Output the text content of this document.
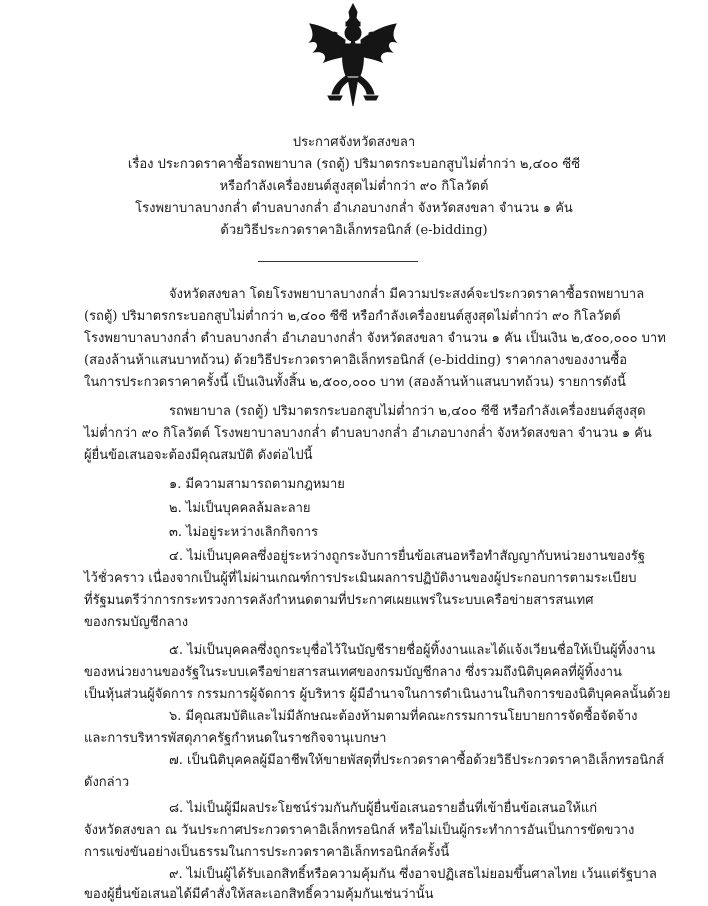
ประกาศจังหวัดสงขลา
เรื่อง ประกวดราคาซื้อรถพยาบาล (รถตู้) ปริมาตรกระบอกสูบไม่ต่ำกว่า ๒,๔๐๐ ซีซี
หรือกำลังเครื่องยนต์สูงสุดไม่ต่ำกว่า ๙๐ กิโลวัตต์
โรงพยาบาลบางกล่ำ ตำบลบางกล่ำ อำเภอบางกล่ำ จังหวัดสงขลา จำนวน ๑ คัน
ด้วยวิธีประกวดราคาอิเล็กทรอนิกส์ (e-bidding)
จังหวัดสงขลา โดยโรงพยาบาลบางกล่ำ มีความประสงค์จะประกวดราคาซื้อรถพยาบาล
(รถตู้) ปริมาตรกระบอกสูบไม่ต่ำกว่า ๒,๔๐๐ ซีซี หรือกำลังเครื่องยนต์สูงสุดไม่ต่ำกว่า ๙๐ กิโลวัตต์
โรงพยาบาลบางกล่ำ ตำบลบางกล่ำ อำเภอบางกล่ำ จังหวัดสงขลา จำนวน ๑ คัน เป็นเงิน ๒,๕๐๐,๐๐๐ บาท
(สองล้านห้าแสนบาทถ้วน) ด้วยวิธีประกวดราคาอิเล็กทรอนิกส์ (e-bidding) ราคากลางของงานซื้อ
ในการประกวดราคาครั้งนี้ เป็นเงินทั้งสิ้น ๒,๕๐๐,๐๐๐ บาท (สองล้านห้าแสนบาทถ้วน) รายการดังนี้
รถพยาบาล (รถตู้) ปริมาตรกระบอกสูบไม่ต่ำกว่า ๒,๔๐๐ ซีซี หรือกำลังเครื่องยนต์สูงสุด
ไม่ต่ำกว่า ๙๐ กิโลวัตต์ โรงพยาบาลบางกล่ำ ตำบลบางกล่ำ อำเภอบางกล่ำ จังหวัดสงขลา จำนวน ๑ คัน
ผู้ยื่นข้อเสนอจะต้องมีคุณสมบัติ ดังต่อไปนี้
๑. มีความสามารถตามกฎหมาย
๒. ไม่เป็นบุคคลล้มละลาย
๓. ไม่อยู่ระหว่างเลิกกิจการ
๔. ไม่เป็นบุคคลซึ่งอยู่ระหว่างถูกระงับการยื่นข้อเสนอหรือทำสัญญากับหน่วยงานของรัฐ
ไว้ชั่วคราว เนื่องจากเป็นผู้ที่ไม่ผ่านเกณฑ์การประเมินผลการปฏิบัติงานของผู้ประกอบการตามระเบียบ
ที่รัฐมนตรีว่าการกระทรวงการคลังกำหนดตามที่ประกาศเผยแพร่ในระบบเครือข่ายสารสนเทศ
ของกรมบัญชีกลาง
๕. ไม่เป็นบุคคลซึ่งถูกระบุชื่อไว้ในบัญชีรายชื่อผู้ทิ้งงานและได้แจ้งเวียนชื่อให้เป็นผู้ทิ้งงาน
ของหน่วยงานของรัฐในระบบเครือข่ายสารสนเทศของกรมบัญชีกลาง ซึ่งรวมถึงนิติบุคคลที่ผู้ทิ้งงาน
เป็นหุ้นส่วนผู้จัดการ กรรมการผู้จัดการ ผู้บริหาร ผู้มีอำนาจในการดำเนินงานในกิจการของนิติบุคคลนั้นด้วย
๖. มีคุณสมบัติและไม่มีลักษณะต้องห้ามตามที่คณะกรรมการนโยบายการจัดซื้อจัดจ้าง
และการบริหารพัสดุภาครัฐกำหนดในราชกิจจานุเบกษา
๗. เป็นนิติบุคคลผู้มีอาชีพให้ขายพัสดุที่ประกวดราคาซื้อด้วยวิธีประกวดราคาอิเล็กทรอนิกส์
ดังกล่าว
๘. ไม่เป็นผู้มีผลประโยชน์ร่วมกันกับผู้ยื่นข้อเสนอรายอื่นที่เข้ายื่นข้อเสนอให้แก่
จังหวัดสงขลา ณ วันประกาศประกวดราคาอิเล็กทรอนิกส์ หรือไม่เป็นผู้กระทำการอันเป็นการขัดขวาง
การแข่งขันอย่างเป็นธรรมในการประกวดราคาอิเล็กทรอนิกส์ครั้งนี้
๙. ไม่เป็นผู้ได้รับเอกสิทธิ์หรือความคุ้มกัน ซึ่งอาจปฏิเสธไม่ยอมขึ้นศาลไทย เว้นแต่รัฐบาล
ของผู้ยื่นข้อเสนอได้มีคำสั่งให้สละเอกสิทธิ์ความคุ้มกันเช่นว่านั้น
